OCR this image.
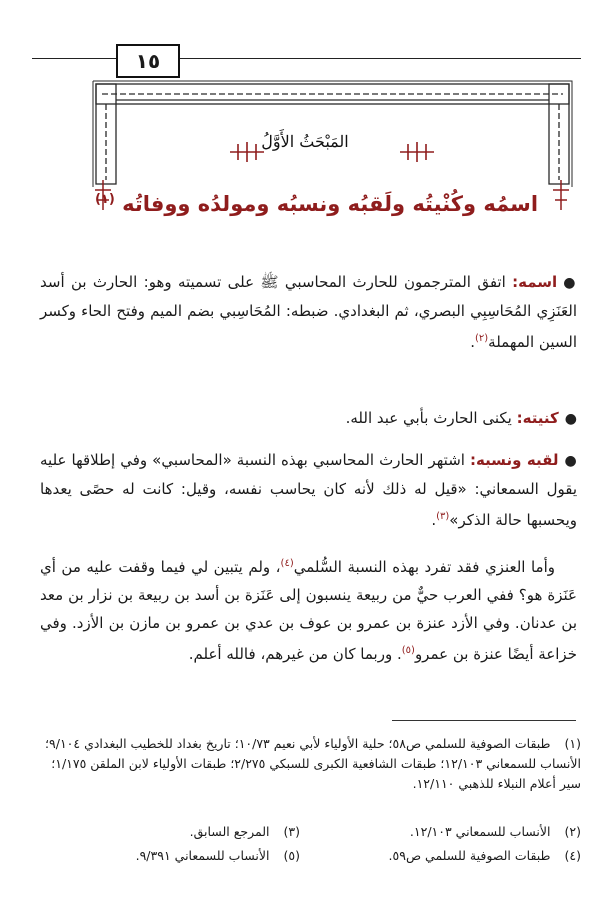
١٥
المَبْحَثُ الأَوَّلُ
اسمُه وكُنْيتُه ولَقبُه ونسبُه ومولدُه ووفاتُه $^{(١)}$

●اسمه: اتفق المترجمون للحارث المحاسبي ﷺ على تسميته وهو: الحارث بن أسد العَنَزِي المُحَاسِبِي البصري، ثم البغدادي. ضبطه: المُحَاسِبي بضم الميم وفتح الحاء وكسر السين المهملة$^{(٢)}$.

●كنيته: يكنى الحارث بأبي عبد الله.

●لقبه ونسبه: اشتهر الحارث المحاسبي بهذه النسبة «المحاسبي» وفي إطلاقها عليه يقول السمعاني: «قيل له ذلك لأنه كان يحاسب نفسه، وقيل: كانت له حصًى يعدها ويحسبها حالة الذكر»$^{(٣)}$.

وأما العنزي فقد تفرد بهذه النسبة السُّلمي$^{(٤)}$، ولم يتبين لي فيما وقفت عليه من أي عَنَزة هو؟ ففي العرب حيٌّ من ربيعة ينسبون إلى عَنَزة بن أسد بن ربيعة بن نزار بن معد بن عدنان. وفي الأزد عنزة بن عمرو بن عوف بن عدي بن عمرو بن مازن بن الأزد. وفي خزاعة أيضًا عنزة بن عمرو$^{(٥)}$. وربما كان من غيرهم، فالله أعلم.

(١)طبقات الصوفية للسلمي ص٥٨؛ حلية الأولياء لأبي نعيم ١٠/٧٣؛ تاريخ بغداد للخطيب البغدادي ٩/١٠٤؛ الأنساب للسمعاني ١٢/١٠٣؛ طبقات الشافعية الكبرى للسبكي ٢/٢٧٥؛ طبقات الأولياء لابن الملقن ١/١٧٥؛ سير أعلام النبلاء للذهبي ١٢/١١٠.
(٢)الأنساب للسمعاني ١٢/١٠٣.
(٣)المرجع السابق.
(٤)طبقات الصوفية للسلمي ص٥٩.
(٥)الأنساب للسمعاني ٩/٣٩١.
